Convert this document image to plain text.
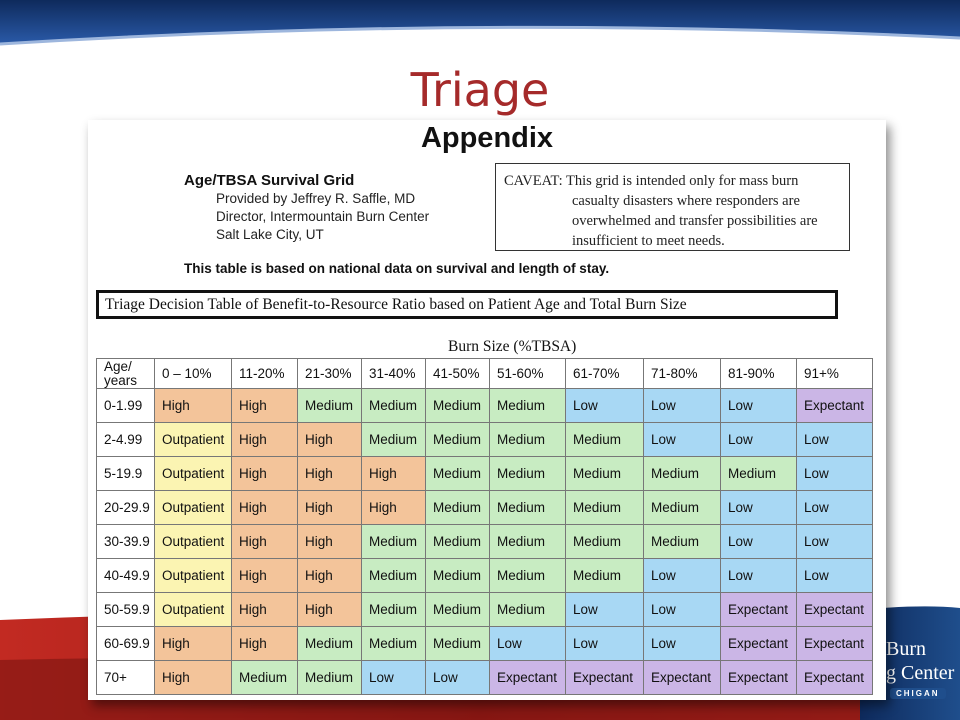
Burn
g Center
CHIGAN
Triage
Appendix
Age/TBSA Survival Grid
Provided by Jeffrey R. Saffle, MD
Director, Intermountain Burn Center
Salt Lake City, UT
CAVEAT: This grid is intended only for mass burn
casualty disasters where responders are
overwhelmed and transfer possibilities are
insufficient to meet needs.
This table is based on national data on survival and length of stay.
Triage Decision Table of Benefit-to-Resource Ratio based on Patient Age and Total Burn Size
Burn Size (%TBSA)
Age/
years	0 – 10%	11-20%	21-30%	31-40%	41-50%	51-60%	61-70%	71-80%	81-90%	91+%
0-1.99	High	High	Medium	Medium	Medium	Medium	Low	Low	Low	Expectant
2-4.99	Outpatient	High	High	Medium	Medium	Medium	Medium	Low	Low	Low
5-19.9	Outpatient	High	High	High	Medium	Medium	Medium	Medium	Medium	Low
20-29.9	Outpatient	High	High	High	Medium	Medium	Medium	Medium	Low	Low
30-39.9	Outpatient	High	High	Medium	Medium	Medium	Medium	Medium	Low	Low
40-49.9	Outpatient	High	High	Medium	Medium	Medium	Medium	Low	Low	Low
50-59.9	Outpatient	High	High	Medium	Medium	Medium	Low	Low	Expectant	Expectant
60-69.9	High	High	Medium	Medium	Medium	Low	Low	Low	Expectant	Expectant
70+	High	Medium	Medium	Low	Low	Expectant	Expectant	Expectant	Expectant	Expectant
